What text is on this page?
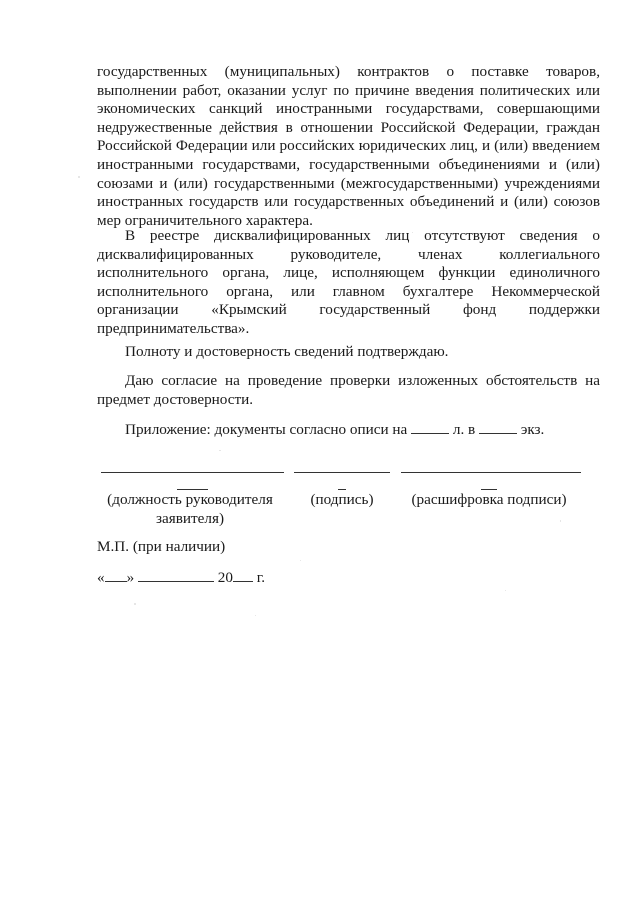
государственных (муниципальных) контрактов о поставке товаров, выполнении работ, оказании услуг по причине введения политических или экономических санкций иностранными государствами, совершающими недружественные действия в отношении Российской Федерации, граждан Российской Федерации или российских юридических лиц, и (или) введением иностранными государствами, государственными объединениями и (или) союзами и (или) государственными (межгосударственными) учреждениями иностранных государств или государственных объединений и (или) союзов мер ограничительного характера.

В реестре дисквалифицированных лиц отсутствуют сведения о дисквалифицированных руководителе, членах коллегиального исполнительного органа, лице, исполняющем функции единоличного исполнительного органа, или главном бухгалтере Некоммерческой организации «Крымский государственный фонд поддержки предпринимательства».

Полноту и достоверность сведений подтверждаю.

Даю согласие на проведение проверки изложенных обстоятельств на предмет достоверности.

Приложение: документы согласно описи на	л. в	экз.

(должность руководителя заявителя)

(подпись)	(расшифровка подписи)

М.П. (при наличии)

« »	20 г.
